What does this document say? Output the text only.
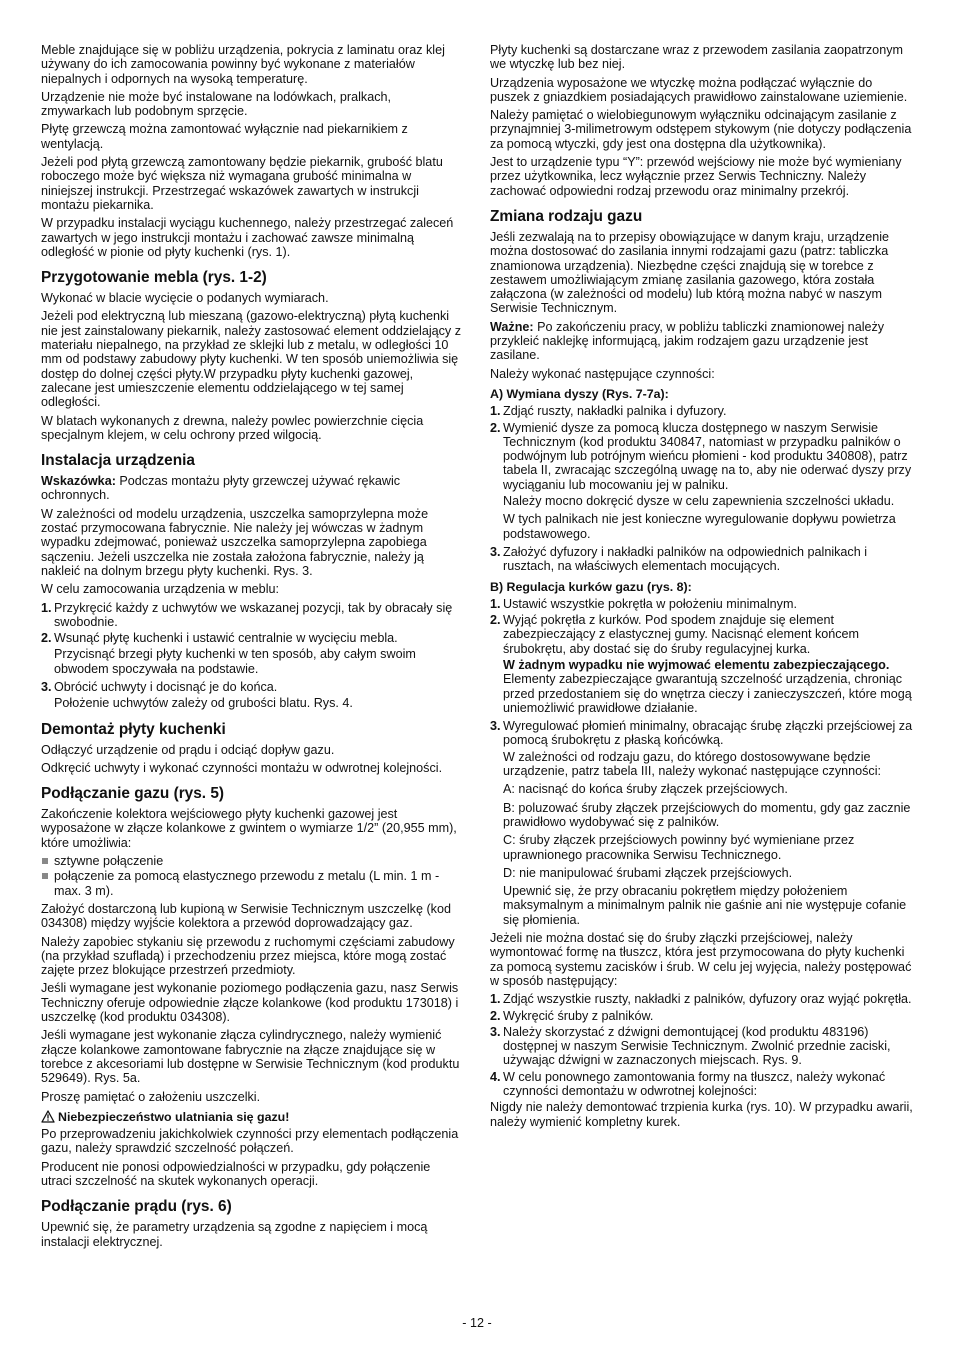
Meble znajdujące się w pobliżu urządzenia, pokrycia z laminatu oraz klej używany do ich zamocowania powinny być wykonane z materiałów niepalnych i odpornych na wysoką temperaturę.

Urządzenie nie może być instalowane na lodówkach, pralkach, zmywarkach lub podobnym sprzęcie.

Płytę grzewczą można zamontować wyłącznie nad piekarnikiem z wentylacją.

Jeżeli pod płytą grzewczą zamontowany będzie piekarnik, grubość blatu roboczego może być większa niż wymagana grubość minimalna w niniejszej instrukcji. Przestrzegać wskazówek zawartych w instrukcji montażu piekarnika.

W przypadku instalacji wyciągu kuchennego, należy przestrzegać zaleceń zawartych w jego instrukcji montażu i zachować zawsze minimalną odległość w pionie od płyty kuchenki (rys. 1).

Przygotowanie mebla (rys. 1-2)

Wykonać w blacie wycięcie o podanych wymiarach.

Jeżeli pod elektryczną lub mieszaną (gazowo-elektryczną) płytą kuchenki nie jest zainstalowany piekarnik, należy zastosować element oddzielający z materiału niepalnego, na przykład ze sklejki lub z metalu, w odległości 10 mm od podstawy zabudowy płyty kuchenki. W ten sposób uniemożliwia się dostęp do dolnej części płyty.W przypadku płyty kuchenki gazowej, zalecane jest umieszczenie elementu oddzielającego w tej samej odległości.

W blatach wykonanych z drewna, należy powlec powierzchnie cięcia specjalnym klejem, w celu ochrony przed wilgocią.

Instalacja urządzenia

Wskazówka: Podczas montażu płyty grzewczej używać rękawic ochronnych.

W zależności od modelu urządzenia, uszczelka samoprzylepna może zostać przymocowana fabrycznie. Nie należy jej wówczas w żadnym wypadku zdejmować, ponieważ uszczelka samoprzylepna zapobiega sączeniu. Jeżeli uszczelka nie została założona fabrycznie, należy ją nakleić na dolnym brzegu płyty kuchenki. Rys. 3.

W celu zamocowania urządzenia w meblu:

1. Przykręcić każdy z uchwytów we wskazanej pozycji, tak by obracały się swobodnie.
2. Wsunąć płytę kuchenki i ustawić centralnie w wycięciu mebla.

Przycisnąć brzegi płyty kuchenki w ten sposób, aby całym swoim obwodem spoczywała na podstawie.

3. Obrócić uchwyty i docisnąć je do końca.

Położenie uchwytów zależy od grubości blatu. Rys. 4.

Demontaż płyty kuchenki

Odłączyć urządzenie od prądu i odciąć dopływ gazu.

Odkręcić uchwyty i wykonać czynności montażu w odwrotnej kolejności.

Podłączanie gazu (rys. 5)

Zakończenie kolektora wejściowego płyty kuchenki gazowej jest wyposażone w złącze kolankowe z gwintem o wymiarze 1/2” (20,955 mm), które umożliwia:

sztywne połączenie
połączenie za pomocą elastycznego przewodu z metalu (L min. 1 m - max. 3 m).

Założyć dostarczoną lub kupioną w Serwisie Technicznym uszczelkę (kod 034308) między wyjście kolektora a przewód doprowadzający gaz.

Należy zapobiec stykaniu się przewodu z ruchomymi częściami zabudowy (na przykład szufladą) i przechodzeniu przez miejsca, które mogą zostać zajęte przez blokujące przestrzeń przedmioty.

Jeśli wymagane jest wykonanie poziomego podłączenia gazu, nasz Serwis Techniczny oferuje odpowiednie złącze kolankowe (kod produktu 173018) i uszczelkę (kod produktu 034308).

Jeśli wymagane jest wykonanie złącza cylindrycznego, należy wymienić złącze kolankowe zamontowane fabrycznie na złącze znajdujące się w torebce z akcesoriami lub dostępne w Serwisie Technicznym (kod produktu 529649). Rys. 5a.

Proszę pamiętać o założeniu uszczelki.

Niebezpieczeństwo ulatniania się gazu!

Po przeprowadzeniu jakichkolwiek czynności przy elementach podłączenia gazu, należy sprawdzić szczelność połączeń.

Producent nie ponosi odpowiedzialności w przypadku, gdy połączenie utraci szczelność na skutek wykonanych operacji.

Podłączanie prądu (rys. 6)

Upewnić się, że parametry urządzenia są zgodne z napięciem i mocą instalacji elektrycznej.

Płyty kuchenki są dostarczane wraz z przewodem zasilania zaopatrzonym we wtyczkę lub bez niej.

Urządzenia wyposażone we wtyczkę można podłączać wyłącznie do puszek z gniazdkiem posiadających prawidłowo zainstalowane uziemienie.

Należy pamiętać o wielobiegunowym wyłączniku odcinającym zasilanie z przynajmniej 3-milimetrowym odstępem stykowym (nie dotyczy podłączenia za pomocą wtyczki, gdy jest ona dostępna dla użytkownika).

Jest to urządzenie typu “Y”: przewód wejściowy nie może być wymieniany przez użytkownika, lecz wyłącznie przez Serwis Techniczny. Należy zachować odpowiedni rodzaj przewodu oraz minimalny przekrój.

Zmiana rodzaju gazu

Jeśli zezwalają na to przepisy obowiązujące w danym kraju, urządzenie można dostosować do zasilania innymi rodzajami gazu (patrz: tabliczka znamionowa urządzenia). Niezbędne części znajdują się w torebce z zestawem umożliwiającym zmianę zasilania gazowego, która została załączona (w zależności od modelu) lub którą można nabyć w naszym Serwisie Technicznym.

Ważne: Po zakończeniu pracy, w pobliżu tabliczki znamionowej należy przykleić naklejkę informującą, jakim rodzajem gazu urządzenie jest zasilane.

Należy wykonać następujące czynności:

A) Wymiana dyszy (Rys. 7-7a):
1. Zdjąć ruszty, nakładki palnika i dyfuzory.
2. Wymienić dysze za pomocą klucza dostępnego w naszym Serwisie Technicznym (kod produktu 340847, natomiast w przypadku palników o podwójnym lub potrójnym wieńcu płomieni - kod produktu 340808), patrz tabela II, zwracając szczególną uwagę na to, aby nie oderwać dyszy przy wyciąganiu lub mocowaniu jej w palniku.

Należy mocno dokręcić dysze w celu zapewnienia szczelności układu.

W tych palnikach nie jest konieczne wyregulowanie dopływu powietrza podstawowego.

3. Założyć dyfuzory i nakładki palników na odpowiednich palnikach i rusztach, na właściwych elementach mocujących.
B) Regulacja kurków gazu (rys. 8):
1. Ustawić wszystkie pokrętła w położeniu minimalnym.
2. Wyjąć pokrętła z kurków. Pod spodem znajduje się element zabezpieczający z elastycznej gumy. Nacisnąć element końcem śrubokrętu, aby dostać się do śruby regulacyjnej kurka.

W żadnym wypadku nie wyjmować elementu zabezpieczającego. Elementy zabezpieczające gwarantują szczelność urządzenia, chroniąc przed przedostaniem się do wnętrza cieczy i zanieczyszczeń, które mogą uniemożliwić prawidłowe działanie.

3. Wyregulować płomień minimalny, obracając śrubę złączki przejściowej za pomocą śrubokrętu z płaską końcówką.

W zależności od rodzaju gazu, do którego dostosowywane będzie urządzenie, patrz tabela III, należy wykonać następujące czynności:

A: nacisnąć do końca śruby złączek przejściowych.

B: poluzować śruby złączek przejściowych do momentu, gdy gaz zacznie prawidłowo wydobywać się z palników.

C: śruby złączek przejściowych powinny być wymieniane przez uprawnionego pracownika Serwisu Technicznego.

D: nie manipulować śrubami złączek przejściowych.

Upewnić się, że przy obracaniu pokrętłem między położeniem maksymalnym a minimalnym palnik nie gaśnie ani nie występuje cofanie się płomienia.

Jeżeli nie można dostać się do śruby złączki przejściowej, należy wymontować formę na tłuszcz, która jest przymocowana do płyty kuchenki za pomocą systemu zacisków i śrub. W celu jej wyjęcia, należy postępować w sposób następujący:

1. Zdjąć wszystkie ruszty, nakładki z palników, dyfuzory oraz wyjąć pokrętła.
2. Wykręcić śruby z palników.
3. Należy skorzystać z dźwigni demontującej (kod produktu 483196) dostępnej w naszym Serwisie Technicznym. Zwolnić przednie zaciski, używając dźwigni w zaznaczonych miejscach. Rys. 9.
4. W celu ponownego zamontowania formy na tłuszcz, należy wykonać czynności demontażu w odwrotnej kolejności:

Nigdy nie należy demontować trzpienia kurka (rys. 10). W przypadku awarii, należy wymienić kompletny kurek.

- 12 -
